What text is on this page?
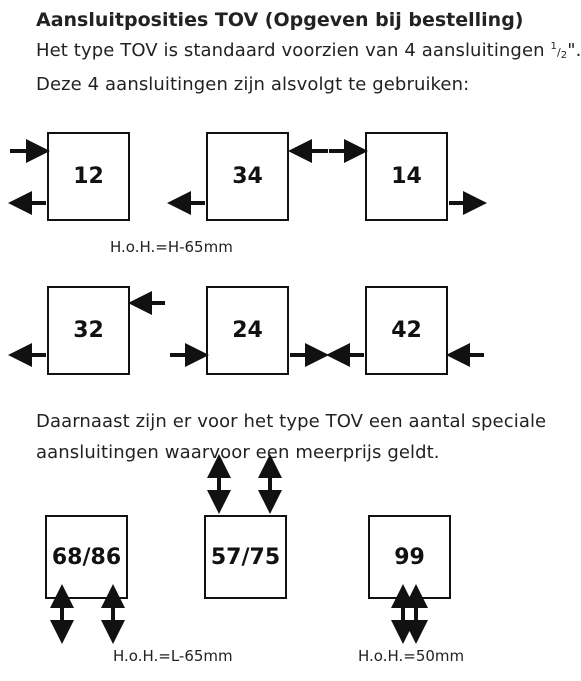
Aansluitposities TOV (Opgeven bij bestelling)
Het type TOV is standaard voorzien van 4 aansluitingen $^1/_2$".
Deze 4 aansluitingen zijn alsvolgt te gebruiken:
12	34	14
H.o.H.=H-65mm
32	24	42
Daarnaast zijn er voor het type TOV een aantal speciale
aansluitingen waarvoor een meerprijs geldt.
68/86	57/75	99
H.o.H.=L-65mm	H.o.H.=50mm
